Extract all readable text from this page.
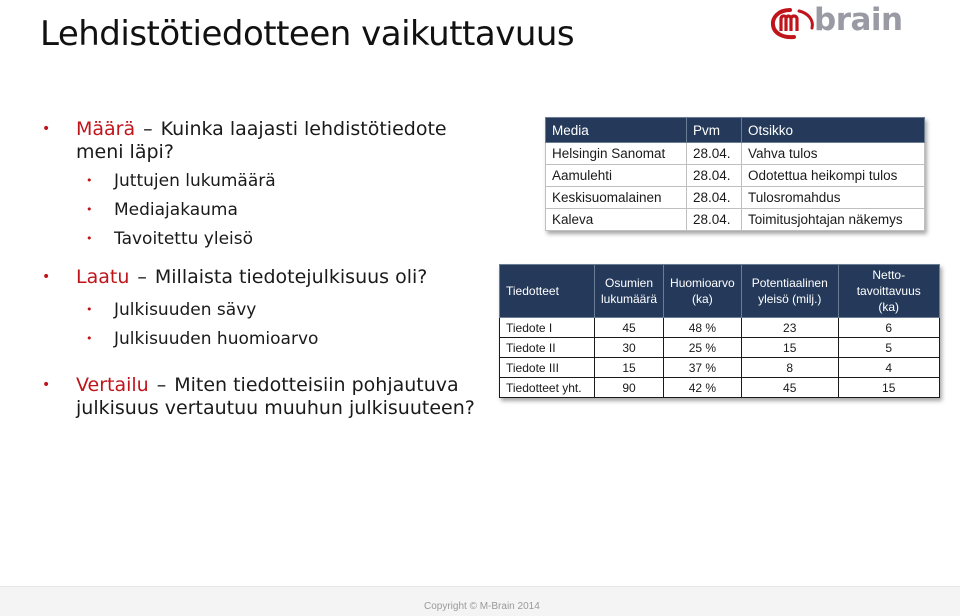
Lehdistötiedotteen vaikuttavuus	brain
• Määrä – Kuinka laajasti lehdistötiedote meni läpi?
• Juttujen lukumäärä
• Mediajakauma
• Tavoitettu yleisö
• Laatu – Millaista tiedotejulkisuus oli?
• Julkisuuden sävy
• Julkisuuden huomioarvo
• Vertailu – Miten tiedotteisiin pohjautuva julkisuus vertautuu muuhun julkisuuteen?
Media	Pvm	Otsikko
Helsingin Sanomat	28.04.	Vahva tulos
Aamulehti	28.04.	Odotettua heikompi tulos
Keskisuomalainen	28.04.	Tulosromahdus
Kaleva	28.04.	Toimitusjohtajan näkemys
Tiedotteet	Osumien lukumäärä	Huomioarvo (ka)	Potentiaalinen yleisö (milj.)	Netto-tavoittavuus (ka)
Tiedote I	45	48 %	23	6
Tiedote II	30	25 %	15	5
Tiedote III	15	37 %	8	4
Tiedotteet yht.	90	42 %	45	15
Copyright © M-Brain 2014
